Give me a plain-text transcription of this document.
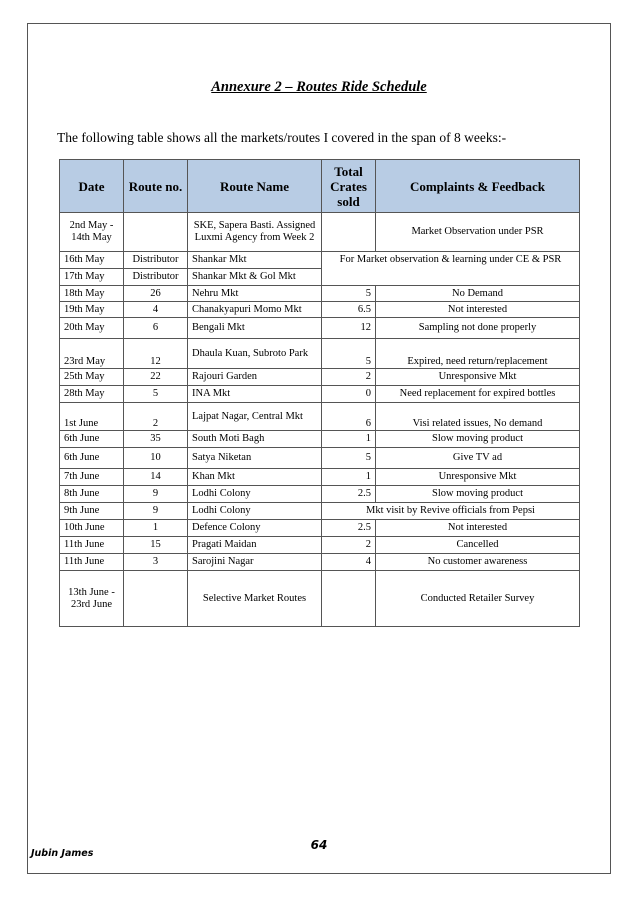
Annexure 2 – Routes Ride Schedule
The following table shows all the markets/routes I covered in the span of 8 weeks:-
Date	Route no.	Route Name	Total Crates sold	Complaints & Feedback
2nd May - 14th May		SKE, Sapera Basti. Assigned Luxmi Agency from Week 2		Market Observation under PSR
16th May	Distributor	Shankar Mkt	For Market observation & learning under CE & PSR	
17th May	Distributor	Shankar Mkt & Gol Mkt		
18th May	26	Nehru Mkt	5	No Demand
19th May	4	Chanakyapuri Momo Mkt	6.5	Not interested
20th May	6	Bengali Mkt	12	Sampling not done properly
23rd May	12	Dhaula Kuan, Subroto Park	5	Expired, need return/replacement
25th May	22	Rajouri Garden	2	Unresponsive Mkt
28th May	5	INA Mkt	0	Need replacement for expired bottles
1st June	2	Lajpat Nagar, Central Mkt	6	Visi related issues, No demand
6th June	35	South Moti Bagh	1	Slow moving product
6th June	10	Satya Niketan	5	Give TV ad
7th June	14	Khan Mkt	1	Unresponsive Mkt
8th June	9	Lodhi Colony	2.5	Slow moving product
9th June	9	Lodhi Colony	Mkt visit by Revive officials from Pepsi	
10th June	1	Defence Colony	2.5	Not interested
11th June	15	Pragati Maidan	2	Cancelled
11th June	3	Sarojini Nagar	4	No customer awareness
13th June - 23rd June		Selective Market Routes		Conducted Retailer Survey
64
Jubin James
